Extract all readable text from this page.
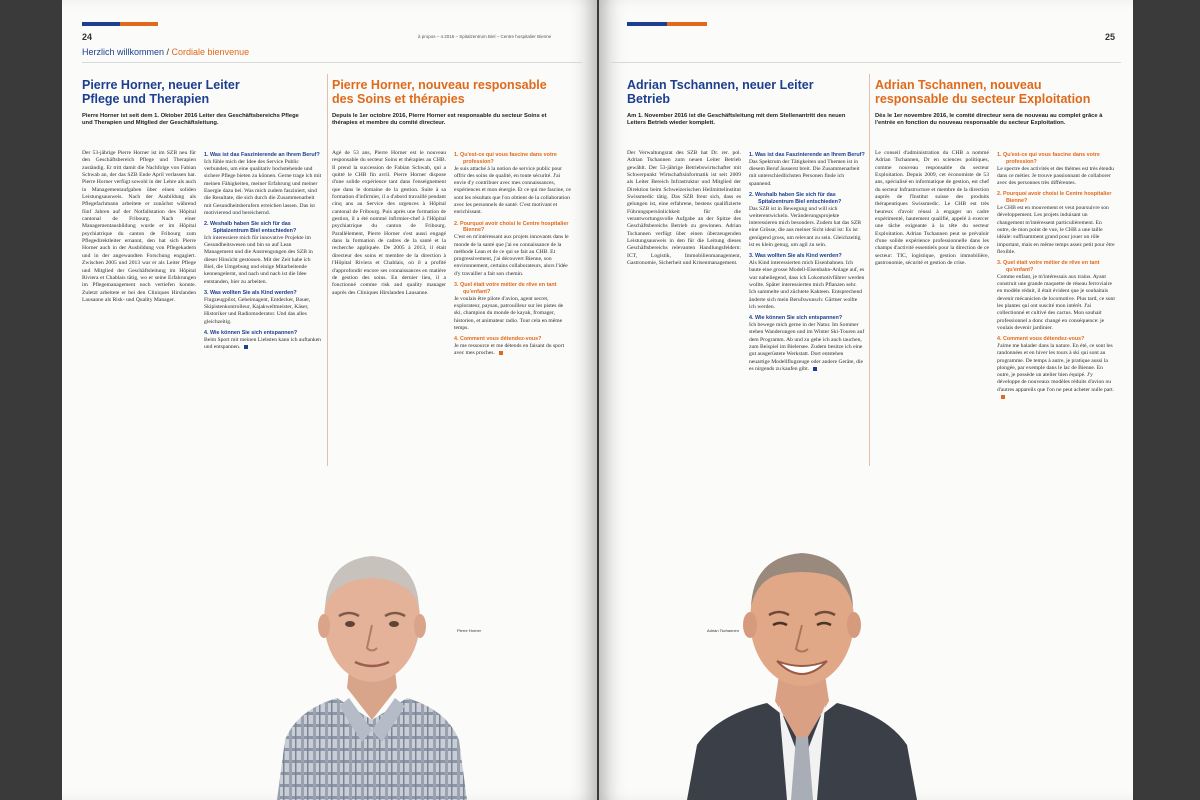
24	à propos – 4.2016 – Spitalzentrum Biel – Centre hospitalier Bienne
Herzlich willkommen / Cordiale bienvenue
Pierre Horner, neuer Leiter Pflege und Therapien
Pierre Horner ist seit dem 1. Oktober 2016 Leiter des Geschäftsbereichs Pflege und Therapien und Mitglied der Geschäftsleitung.
Der 53-jährige Pierre Horner ist im SZB neu für den Geschäftsbereich Pflege und Therapien zuständig. Er tritt damit die Nachfolge von Fabian Schwab an, der das SZB Ende April verlassen hat. Pierre Horner verfügt sowohl in der Lehre als auch in Managementaufgaben über einen soliden Leistungsausweis. Nach der Ausbildung als Pflegefachmann arbeitete er zunächst während fünf Jahren auf der Notfallstation des Hôpital cantonal de Fribourg. Nach einer Managementausbildung wurde er im Hôpital psychiatrique du canton de Fribourg zum Pflegedirektleiter ernannt, den hat sich Pierre Horner auch in der Ausbildung von Pflegekadern und in der angewandten Forschung engagiert. Zwischen 2005 und 2013 war er als Leiter Pflege und Mitglied der Geschäftsleitung im Hôpital Riviera et Chablais tätig, wo er seine Erfahrungen im Pflegemanagement noch vertiefen konnte. Zuletzt arbeitete er bei den Cliniques Hirslanden Lausanne als Risk- und Quality Manager.
1. Was ist das Faszinierende an Ihrem Beruf?
Ich fühle mich der Idee des Service Public verbunden, um eine qualitativ hochstehende und sichere Pflege bieten zu können. Gerne trage ich mit meinen Fähigkeiten, meiner Erfahrung und meiner Energie dazu bei. Was mich zudem fasziniert, sind die Resultate, die sich durch die Zusammenarbeit mit Gesundheitsberufern erreichen lassen. Das ist motivierend und bereichernd.
2. Weshalb haben Sie sich für das Spitalzentrum Biel entschieden?
Ich interessiere mich für innovative Projekte im Gesundheitswesen und bin so auf Lean Management und die Anstrengungen des SZB in dieser Hinsicht gestossen. Mit der Zeit habe ich Biel, die Umgebung und einige Mitarbeitende kennengelernt, und nach und nach ist die Idee entstanden, hier zu arbeiten.
3. Was wollten Sie als Kind werden?
Flugzeugpilot, Geheimagent, Entdecker, Bauer, Skipistenkontrolleur, Kajakweltmeister, Käser, Historiker und Radiomoderator. Und das alles gleichzeitig.
4. Wie können Sie sich entspannen?
Beim Sport mit meinen Liebsten kann ich auftanken und entspannen.
Pierre Horner, nouveau responsable des Soins et thérapies
Depuis le 1er octobre 2016, Pierre Horner est responsable du secteur Soins et thérapies et membre du comité directeur.
Agé de 53 ans, Pierre Horner est le nouveau responsable du secteur Soins et thérapies au CHB. Il prend la succession de Fabian Schwab, qui a quitté le CHB fin avril. Pierre Horner dispose d'une solide expérience tant dans l'enseignement que dans le domaine de la gestion. Suite à sa formation d'infirmier, il a d'abord travaillé pendant cinq ans au Service des urgences à Hôpital cantonal de Fribourg. Puis après une formation de gestion, il a été nommé infirmier-chef à l'Hôpital psychiatrique du canton de Fribourg. Parallèlement, Pierre Horner s'est aussi engagé dans la formation de cadres de la santé et la recherche appliquée. De 2005 à 2013, il était directeur des soins et membre de la direction à l'Hôpital Riviera et Chablais, où il a profité d'approfondir encore ses connaissances en matière de gestion des soins. En dernier lieu, il a fonctionné comme risk and quality manager auprès des Cliniques Hirslanden Lausanne.
1. Qu'est-ce qui vous fascine dans votre profession?
Je suis attaché à la notion de service public pour offrir des soins de qualité, en toute sécurité. J'ai envie d'y contribuer avec mes connaissances, expériences et mon énergie. Et ce qui me fascine, ce sont les résultats que l'on obtient de la collaboration avec les personnels de santé. C'est motivant et enrichissant.
2. Pourquoi avoir choisi le Centre hospitalier Bienne?
C'est en m'intéressant aux projets innovants dans le monde de la santé que j'ai eu connaissance de la méthode Lean et de ce qui se fait au CHB. Et progressivement, j'ai découvert Bienne, son environnement, certains collaborateurs, alors l'idée d'y travailler a fait son chemin.
3. Quel était votre métier de rêve en tant qu'enfant?
Je voulais être pilote d'avion, agent secret, explorateur, paysan, patrouilleur sur les pistes de ski, champion du monde de kayak, fromager, historien, et animateur radio. Tout cela en même temps.
4. Comment vous détendez-vous?
Je me ressource et me détends en faisant du sport avec mes proches.
Pierre Horner
25
Adrian Tschannen, neuer Leiter Betrieb
Am 1. November 2016 ist die Geschäftsleitung mit dem Stellenantritt des neuen Leiters Betrieb wieder komplett.
Der Verwaltungsrat des SZB hat Dr. rer. pol. Adrian Tschannen zum neuen Leiter Betrieb gewählt. Der 53-jährige Betriebswirtschafter mit Schwerpunkt Wirtschaftsinformatik ist seit 2009 als Leiter Bereich Infrastruktur und Mitglied der Direktion beim Schweizerischen Heilmittelinstitut Swissmedic tätig. Das SZB freut sich, dass es gelungen ist, eine erfahrene, bestens qualifizierte Führungspersönlichkeit für die verantwortungsvolle Aufgabe an der Spitze des Geschäftsbereichs Betrieb zu gewinnen. Adrian Tschannen verfügt über einen überzeugenden Leistungsausweis in den für die Leitung dieses Geschäftsbereichs relevanten Handlungsfeldern: ICT, Logistik, Immobilienmanagement, Gastronomie, Sicherheit und Krisenmanagement.
1. Was ist das Faszinierende an Ihrem Beruf?
Das Spektrum der Tätigkeiten und Themen ist in diesem Beruf äusserst breit. Die Zusammenarbeit mit unterschiedlichsten Personen finde ich spannend.
2. Weshalb haben Sie sich für das Spitalzentrum Biel entschieden?
Das SZB ist in Bewegung und will sich weiterentwickeln. Veränderungsprojekte interessieren mich besonders. Zudem hat das SZB eine Grösse, die aus meiner Sicht ideal ist: Es ist genügend gross, um relevant zu sein. Gleichzeitig ist es klein genug, um agil zu sein.
3. Was wollten Sie als Kind werden?
Als Kind interessierten mich Eisenbahnen. Ich baute eine grosse Modell-Eisenbahn-Anlage auf, es war naheliegend, dass ich Lokomotivführer werden wollte. Später interessierten mich Pflanzen sehr. Ich sammelte und züchtete Kakteen. Entsprechend änderte sich mein Berufswunsch: Gärtner wollte ich werden.
4. Wie können Sie sich entspannen?
Ich bewege mich gerne in der Natur. Im Sommer stehen Wanderungen und im Winter Ski-Touren auf dem Programm. Ab und zu gehe ich auch tauchen, zum Beispiel im Bielersee. Zudem besitze ich eine gut ausgerüstete Werkstatt. Dort entstehen neuartige Modellflugzeuge oder andere Geräte, die es nirgends zu kaufen gibt.
Adrian Tschannen, nouveau responsable du secteur Exploitation
Dès le 1er novembre 2016, le comité directeur sera de nouveau au complet grâce à l'entrée en fonction du nouveau responsable du secteur Exploitation.
Le conseil d'administration du CHB a nommé Adrian Tschannen, Dr en sciences politiques, comme nouveau responsable du secteur Exploitation. Depuis 2009, cet économiste de 53 ans, spécialisé en informatique de gestion, est chef du secteur Infrastructure et membre de la direction auprès de l'Institut suisse des produits thérapeutiques Swissmedic. Le CHB est très heureux d'avoir réussi à engager un cadre expérimenté, hautement qualifié, appelé à exercer une tâche exigeante à la tête du secteur Exploitation. Adrian Tschannen peut se prévaloir d'une solide expérience professionnelle dans les champs d'activité essentiels pour la direction de ce secteur: TIC, logistique, gestion immobilière, gastronomie, sécurité et gestion de crise.
1. Qu'est-ce qui vous fascine dans votre profession?
Le spectre des activités et des thèmes est très étendu dans ce métier. Je trouve passionnant de collaborer avec des personnes très différentes.
2. Pourquoi avoir choisi le Centre hospitalier Bienne?
Le CHB est en mouvement et veut poursuivre son développement. Les projets induisant un changement m'intéressent particulièrement. En outre, de mon point de vue, le CHB a une taille idéale: suffisamment grand pour jouer un rôle important, mais en même temps assez petit pour être flexible.
3. Quel était votre métier de rêve en tant qu'enfant?
Comme enfant, je m'intéressais aux trains. Ayant construit une grande maquette de réseau ferroviaire en modèle réduit, il était évident que je souhaitais devenir mécanicien de locomotive. Plus tard, ce sont les plantes qui ont suscité mon intérêt. J'ai collectionné et cultivé des cactus. Mon souhait professionnel a donc changé en conséquence: je voulais devenir jardinier.
4. Comment vous détendez-vous?
J'aime me balader dans la nature. En été, ce sont les randonnées et en hiver les tours à ski qui sont au programme. De temps à autre, je pratique aussi la plongée, par exemple dans le lac de Bienne. En outre, je possède un atelier bien équipé. J'y développe de nouveaux modèles réduits d'avion ou d'autres appareils que l'on ne peut acheter nulle part.
Adrian Tschannen
